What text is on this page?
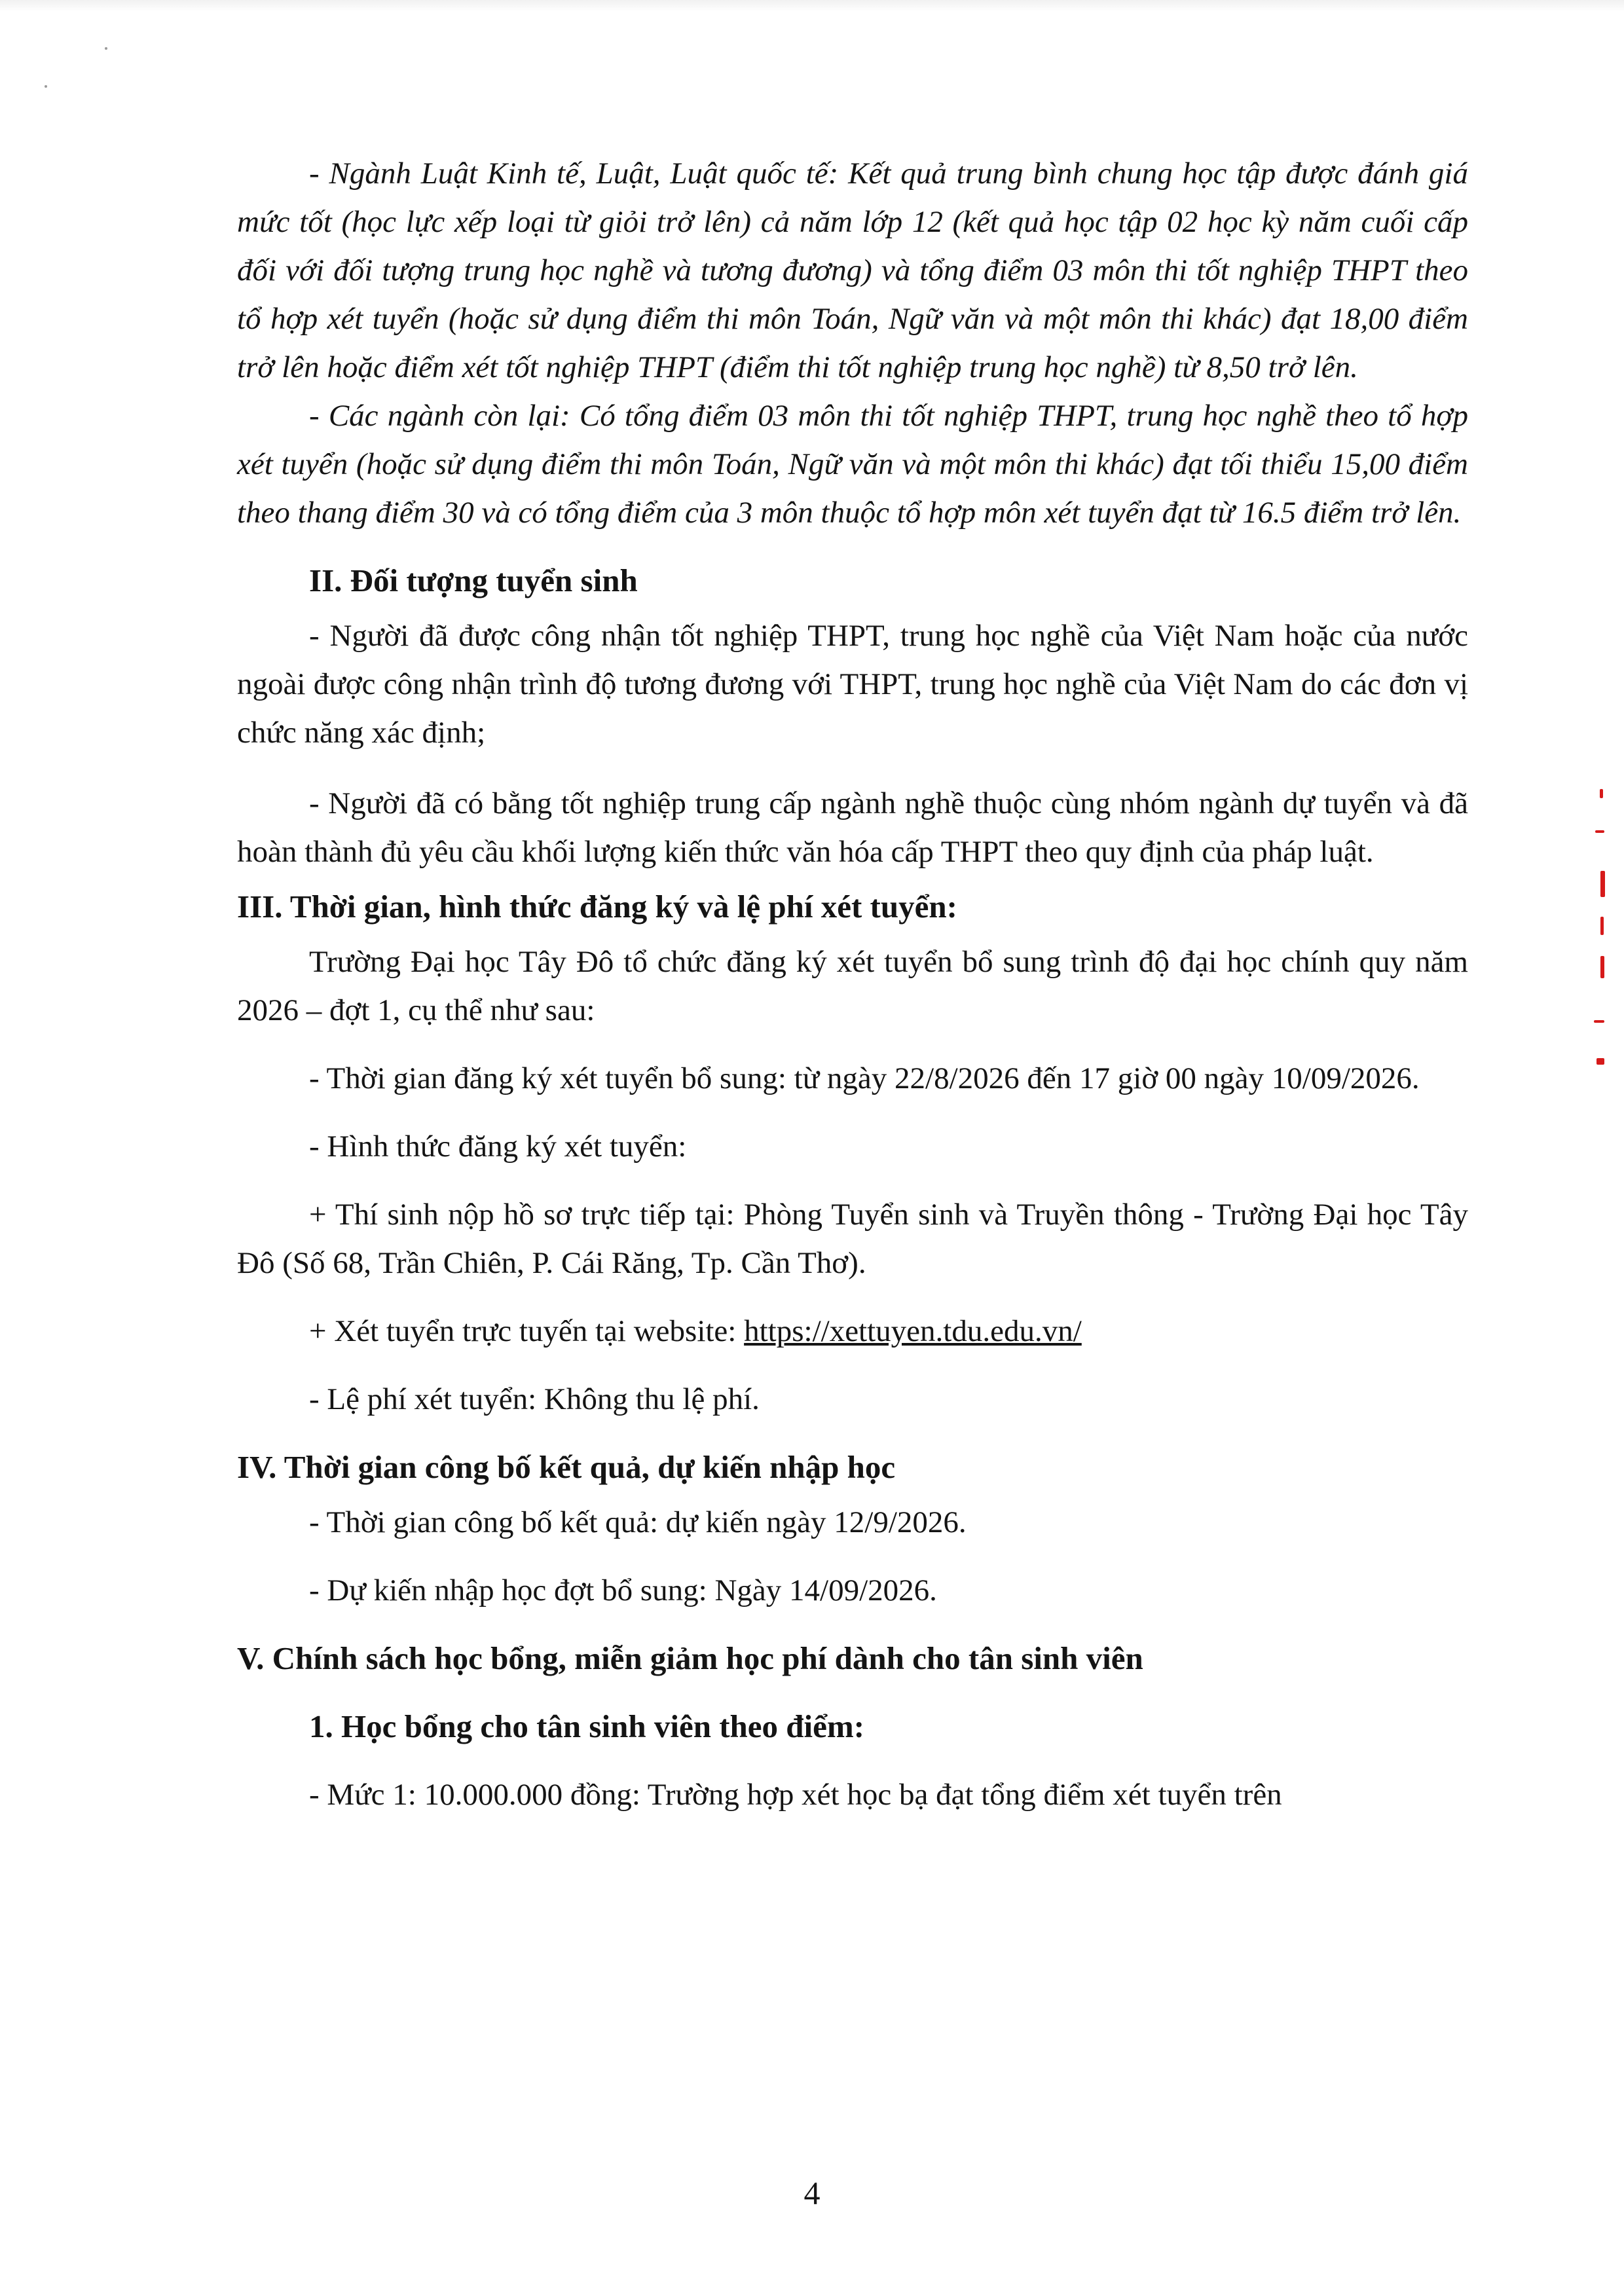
- Ngành Luật Kinh tế, Luật, Luật quốc tế: Kết quả trung bình chung học tập được đánh giá mức tốt (học lực xếp loại từ giỏi trở lên) cả năm lớp 12 (kết quả học tập 02 học kỳ năm cuối cấp đối với đối tượng trung học nghề và tương đương) và tổng điểm 03 môn thi tốt nghiệp THPT theo tổ hợp xét tuyển (hoặc sử dụng điểm thi môn Toán, Ngữ văn và một môn thi khác) đạt 18,00 điểm trở lên hoặc điểm xét tốt nghiệp THPT (điểm thi tốt nghiệp trung học nghề) từ 8,50 trở lên.

- Các ngành còn lại: Có tổng điểm 03 môn thi tốt nghiệp THPT, trung học nghề theo tổ hợp xét tuyển (hoặc sử dụng điểm thi môn Toán, Ngữ văn và một môn thi khác) đạt tối thiểu 15,00 điểm theo thang điểm 30 và có tổng điểm của 3 môn thuộc tổ hợp môn xét tuyển đạt từ 16.5 điểm trở lên.

II. Đối tượng tuyển sinh

- Người đã được công nhận tốt nghiệp THPT, trung học nghề của Việt Nam hoặc của nước ngoài được công nhận trình độ tương đương với THPT, trung học nghề của Việt Nam do các đơn vị chức năng xác định;

- Người đã có bằng tốt nghiệp trung cấp ngành nghề thuộc cùng nhóm ngành dự tuyển và đã hoàn thành đủ yêu cầu khối lượng kiến thức văn hóa cấp THPT theo quy định của pháp luật.

III. Thời gian, hình thức đăng ký và lệ phí xét tuyển:

Trường Đại học Tây Đô tổ chức đăng ký xét tuyển bổ sung trình độ đại học chính quy năm 2026 – đợt 1, cụ thể như sau:

- Thời gian đăng ký xét tuyển bổ sung: từ ngày 22/8/2026 đến 17 giờ 00 ngày 10/09/2026.

- Hình thức đăng ký xét tuyển:

+ Thí sinh nộp hồ sơ trực tiếp tại: Phòng Tuyển sinh và Truyền thông - Trường Đại học Tây Đô (Số 68, Trần Chiên, P. Cái Răng, Tp. Cần Thơ).

+ Xét tuyển trực tuyến tại website: https://xettuyen.tdu.edu.vn/

- Lệ phí xét tuyển: Không thu lệ phí.

IV. Thời gian công bố kết quả, dự kiến nhập học

- Thời gian công bố kết quả: dự kiến ngày 12/9/2026.

- Dự kiến nhập học đợt bổ sung: Ngày 14/09/2026.

V. Chính sách học bổng, miễn giảm học phí dành cho tân sinh viên

1. Học bổng cho tân sinh viên theo điểm:

- Mức 1: 10.000.000 đồng: Trường hợp xét học bạ đạt tổng điểm xét tuyển trên

4
